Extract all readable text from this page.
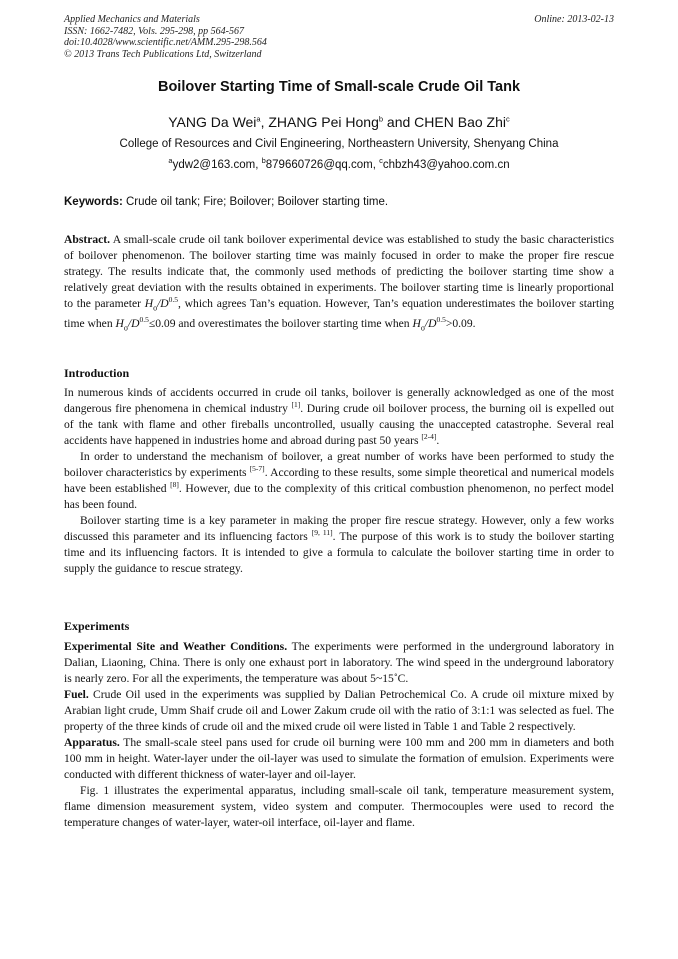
Applied Mechanics and Materials
ISSN: 1662-7482, Vols. 295-298, pp 564-567
doi:10.4028/www.scientific.net/AMM.295-298.564
© 2013 Trans Tech Publications Ltd, Switzerland
Online: 2013-02-13
Boilover Starting Time of Small-scale Crude Oil Tank
YANG Da Wei$^a$, ZHANG Pei Hong$^b$ and CHEN Bao Zhi$^c$
College of Resources and Civil Engineering, Northeastern University, Shenyang China
$^a$ydw2@163.com, $^b$879660726@qq.com, $^c$chbzh43@yahoo.com.cn
Keywords: Crude oil tank; Fire; Boilover; Boilover starting time.

Abstract. A small-scale crude oil tank boilover experimental device was established to study the basic characteristics of boilover phenomenon. The boilover starting time was mainly focused in order to make the proper fire rescue strategy. The results indicate that, the commonly used methods of predicting the boilover starting time show a relatively great deviation with the results obtained in experiments. The boilover starting time is linearly proportional to the parameter $H_o/D^{0.5}$, which agrees Tan’s equation. However, Tan’s equation underestimates the boilover starting time when $H_o/D^{0.5}\le 0.09$ and overestimates the boilover starting time when $H_o/D^{0.5}>0.09$.

Introduction

In numerous kinds of accidents occurred in crude oil tanks, boilover is generally acknowledged as one of the most dangerous fire phenomena in chemical industry [1]. During crude oil boilover process, the burning oil is expelled out of the tank with flame and other fireballs uncontrolled, usually causing the unaccepted catastrophe. Several real accidents have happened in industries home and abroad during past 50 years [2-4].

In order to understand the mechanism of boilover, a great number of works have been performed to study the boilover characteristics by experiments [5-7]. According to these results, some simple theoretical and numerical models have been established [8]. However, due to the complexity of this critical combustion phenomenon, no perfect model has been found.

Boilover starting time is a key parameter in making the proper fire rescue strategy. However, only a few works discussed this parameter and its influencing factors [9, 11]. The purpose of this work is to study the boilover starting time and its influencing factors. It is intended to give a formula to calculate the boilover starting time in order to supply the guidance to rescue strategy.

Experiments

Experimental Site and Weather Conditions. The experiments were performed in the underground laboratory in Dalian, Liaoning, China. There is only one exhaust port in laboratory. The wind speed in the underground laboratory is nearly zero. For all the experiments, the temperature was about 5~15˚C.

Fuel. Crude Oil used in the experiments was supplied by Dalian Petrochemical Co. A crude oil mixture mixed by Arabian light crude, Umm Shaif crude oil and Lower Zakum crude oil with the ratio of 3:1:1 was selected as fuel. The property of the three kinds of crude oil and the mixed crude oil were listed in Table 1 and Table 2 respectively.

Apparatus. The small-scale steel pans used for crude oil burning were 100 mm and 200 mm in diameters and both 100 mm in height. Water-layer under the oil-layer was used to simulate the formation of emulsion. Experiments were conducted with different thickness of water-layer and oil-layer.

Fig. 1 illustrates the experimental apparatus, including small-scale oil tank, temperature measurement system, flame dimension measurement system, video system and computer. Thermocouples were used to record the temperature changes of water-layer, water-oil interface, oil-layer and flame.
